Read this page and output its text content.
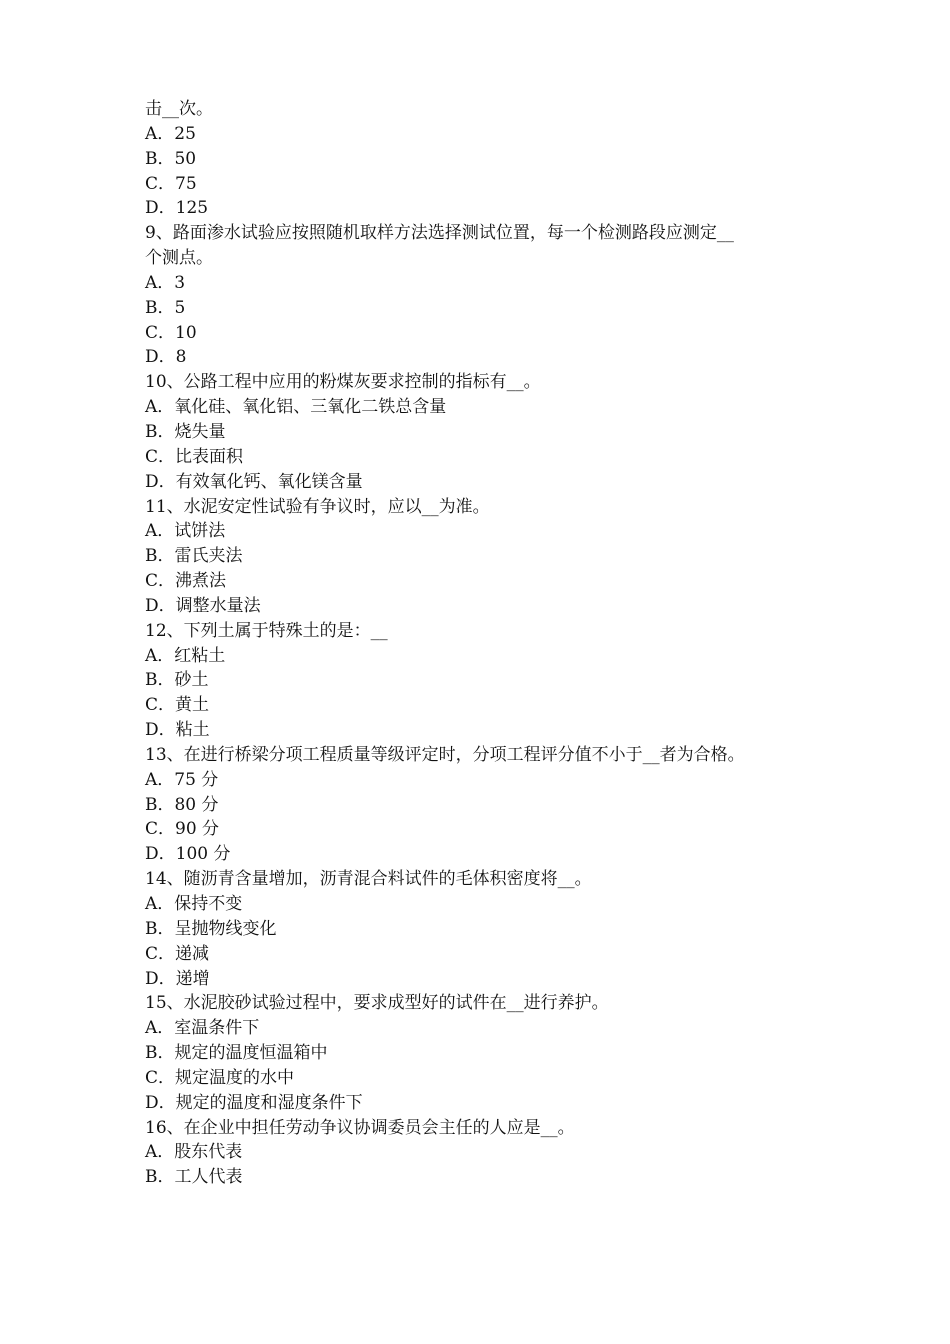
击__次。
A．25
B．50
C．75
D．125
9、路面渗水试验应按照随机取样方法选择测试位置，每一个检测路段应测定__
个测点。
A．3
B．5
C．10
D．8
10、公路工程中应用的粉煤灰要求控制的指标有__。
A．氧化硅、氧化铝、三氧化二铁总含量
B．烧失量
C．比表面积
D．有效氧化钙、氧化镁含量
11、水泥安定性试验有争议时，应以__为准。
A．试饼法
B．雷氏夹法
C．沸煮法
D．调整水量法
12、下列土属于特殊土的是：__
A．红粘土
B．砂土
C．黄土
D．粘土
13、在进行桥梁分项工程质量等级评定时，分项工程评分值不小于__者为合格。
A．75 分
B．80 分
C．90 分
D．100 分
14、随沥青含量增加，沥青混合料试件的毛体积密度将__。
A．保持不变
B．呈抛物线变化
C．递减
D．递增
15、水泥胶砂试验过程中，要求成型好的试件在__进行养护。
A．室温条件下
B．规定的温度恒温箱中
C．规定温度的水中
D．规定的温度和湿度条件下
16、在企业中担任劳动争议协调委员会主任的人应是__。
A．股东代表
B．工人代表
